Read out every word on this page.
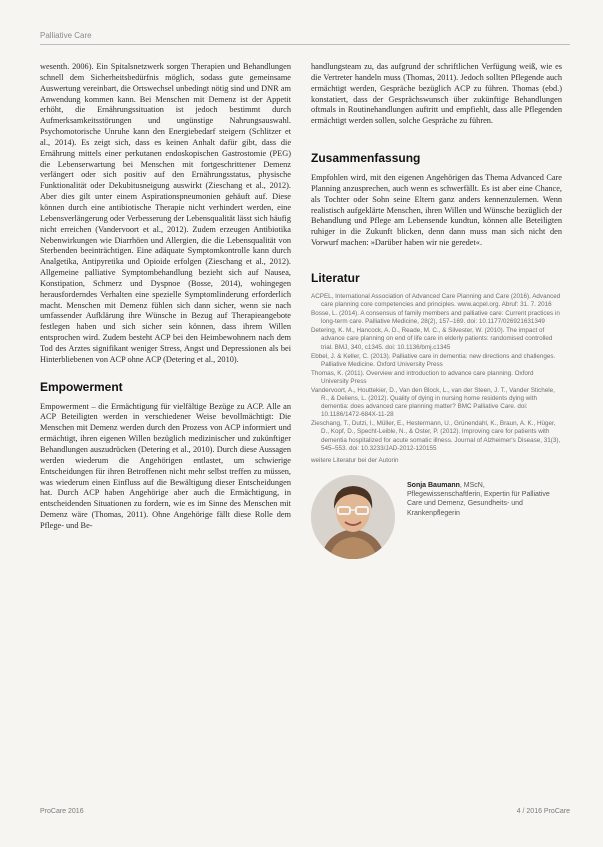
Palliative Care

wesenth. 2006). Ein Spitalsnetzwerk sorgen Therapien und Behandlungen schnell dem Sicherheitsbedürfnis möglich, sodass gute gemeinsame Auswertung vereinbart, die Ortswechsel unbedingt nötig sind und DNR am Anwendung kommen kann. Bei Menschen mit Demenz ist der Appetit erhöht, die Ernährungssituation ist jedoch bestimmt durch Aufmerksamkeitsstörungen und ungünstige Nahrungsauswahl. Psychomotorische Unruhe kann den Energiebedarf steigern (Schlitzer et al., 2014). Es zeigt sich, dass es keinen Anhalt dafür gibt, dass die Ernährung mittels einer perkutanen endoskopischen Gastrostomie (PEG) die Lebenserwartung bei Menschen mit fortgeschrittener Demenz verlängert oder sich positiv auf den Ernährungsstatus, physische Funktionalität oder Dekubitusneigung auswirkt (Zieschang et al., 2012). Aber dies gilt unter einem Aspirationspneumonien gehäuft auf. Diese können durch eine antibiotische Therapie nicht verhindert werden, eine Lebensverlängerung oder Verbesserung der Lebensqualität lässt sich häufig nicht erreichen (Vandervoort et al., 2012). Zudem erzeugen Antibiotika Nebenwirkungen wie Diarrhöen und Allergien, die die Lebensqualität von Sterbenden beeinträchtigen. Eine adäquate Symptomkontrolle kann durch Analgetika, Antipyretika und Opioide erfolgen (Zieschang et al., 2012). Allgemeine palliative Symptombehandlung bezieht sich auf Nausea, Konstipation, Schmerz und Dyspnoe (Bosse, 2014), wohingegen herausforderndes Verhalten eine spezielle Symptomlinderung erforderlich macht. Menschen mit Demenz fühlen sich dann sicher, wenn sie nach umfassender Aufklärung ihre Wünsche in Bezug auf Therapieangebote festlegen haben und sich sicher sein können, dass ihrem Willen entsprochen wird. Zudem besteht ACP bei den Heimbewohnern nach dem Tod des Arztes signifikant weniger Stress, Angst und Depressionen als bei Hinterbliebenen von ACP ohne ACP (Detering et al., 2010).

Empowerment

Empowerment – die Ermächtigung für vielfältige Bezüge zu ACP. Alle an ACP Beteiligten werden in verschiedener Weise bevollmächtigt: Die Menschen mit Demenz werden durch den Prozess von ACP informiert und ermächtigt, ihren eigenen Willen bezüglich medizinischer und zukünftiger Behandlungen auszudrücken (Detering et al., 2010). Durch diese Aussagen werden wiederum die Angehörigen entlastet, um schwierige Entscheidungen für ihren Betroffenen nicht mehr selbst treffen zu müssen, was wiederum einen Einfluss auf die Bewältigung dieser Entscheidungen hat. Durch ACP haben Angehörige aber auch die Ermächtigung, in entscheidenden Situationen zu fordern, wie es im Sinne des Menschen mit Demenz wäre (Thomas, 2011). Ohne Angehörige fällt diese Rolle dem Pflege- und Be-

handlungsteam zu, das aufgrund der schriftlichen Verfügung weiß, wie es die Vertreter handeln muss (Thomas, 2011). Jedoch sollten Pflegende auch ermächtigt werden, Gespräche bezüglich ACP zu führen. Thomas (ebd.) konstatiert, dass der Gesprächswunsch über zukünftige Behandlungen oftmals in Routinehandlungen auftritt und empfiehlt, dass alle Pflegenden ermächtigt werden sollen, solche Gespräche zu führen.

Zusammenfassung

Empfohlen wird, mit den eigenen Angehörigen das Thema Advanced Care Planning anzusprechen, auch wenn es schwerfällt. Es ist aber eine Chance, als Tochter oder Sohn seine Eltern ganz anders kennenzulernen. Wenn realistisch aufgeklärte Menschen, ihren Willen und Wünsche bezüglich der Behandlung und Pflege am Lebensende kundtun, können alle Beteiligten ruhiger in die Zukunft blicken, denn dann muss man sich nicht den Vorwurf machen: »Darüber haben wir nie geredet«.

Literatur

ACPEL, International Association of Advanced Care Planning and Care (2016). Advanced care planning core competencies and principles. www.acpel.org. Abruf: 31. 7. 2016

Bosse, L. (2014). A consensus of family members and palliative care: Current practices in long-term care. Palliative Medicine, 28(2), 157–169. doi: 10.1177/026921631349

Detering, K. M., Hancock, A. D., Reade, M. C., & Silvester, W. (2010). The impact of advance care planning on end of life care in elderly patients: randomised controlled trial. BMJ, 340, c1345. doi: 10.1136/bmj.c1345

Ebbel, J. & Keller, C. (2013). Palliative care in dementia: new directions and challenges. Palliative Medicine. Oxford University Press

Thomas, K. (2011). Overview and introduction to advance care planning. Oxford University Press

Vandervoort, A., Houttekier, D., Van den Block, L., van der Steen, J. T., Vander Stichele, R., & Deliens, L. (2012). Quality of dying in nursing home residents dying with dementia: does advanced care planning matter? BMC Palliative Care. doi: 10.1186/1472-684X-11-28

Zieschang, T., Dutzi, I., Müller, E., Hestermann, U., Grünendahl, K., Braun, A. K., Hüger, D., Kopf, D., Specht-Leible, N., & Oster, P. (2012). Improving care for patients with dementia hospitalized for acute somatic illness. Journal of Alzheimer's Disease, 31(3), 545–553. doi: 10.3233/JAD-2012-120155

weitere Literatur bei der Autorin

Sonja Baumann, MScN, Pflegewissenschaftlerin, Expertin für Palliative Care und Demenz, Gesundheits- und Krankenpflegerin
ProCare 2016	4 / 2016 ProCare
